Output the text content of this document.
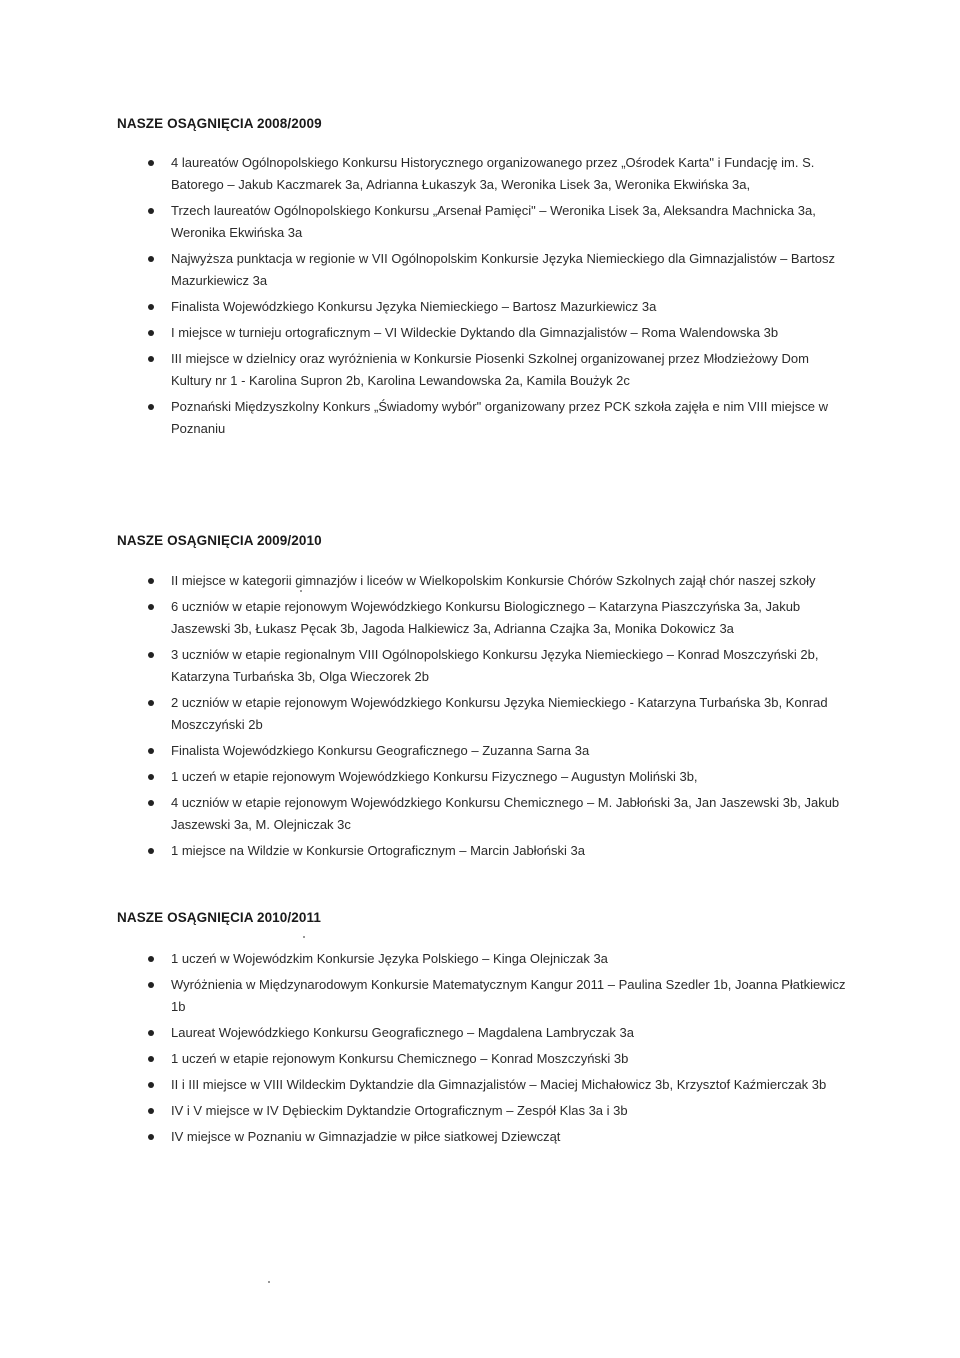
NASZE OSĄGNIĘCIA 2008/2009
4 laureatów Ogólnopolskiego Konkursu Historycznego organizowanego przez „Ośrodek Karta" i Fundację im. S. Batorego – Jakub Kaczmarek 3a, Adrianna Łukaszyk 3a, Weronika Lisek 3a, Weronika Ekwińska 3a,
Trzech laureatów Ogólnopolskiego Konkursu „Arsenał Pamięci" – Weronika Lisek 3a, Aleksandra Machnicka 3a, Weronika Ekwińska 3a
Najwyższa punktacja w regionie w VII Ogólnopolskim Konkursie Języka Niemieckiego dla Gimnazjalistów – Bartosz Mazurkiewicz 3a
Finalista Wojewódzkiego Konkursu Języka Niemieckiego – Bartosz Mazurkiewicz 3a
I miejsce w turnieju ortograficznym – VI Wildeckie Dyktando dla Gimnazjalistów – Roma Walendowska 3b
III miejsce w dzielnicy oraz wyróżnienia w Konkursie Piosenki Szkolnej organizowanej przez Młodzieżowy Dom Kultury nr 1 - Karolina Supron 2b, Karolina Lewandowska 2a, Kamila Boużyk 2c
Poznański Międzyszkolny Konkurs „Świadomy wybór" organizowany przez PCK szkoła zajęła e nim VIII miejsce w Poznaniu
NASZE OSĄGNIĘCIA 2009/2010
II miejsce w kategorii gimnazjów i liceów w Wielkopolskim Konkursie Chórów Szkolnych zajął chór naszej szkoły
6 uczniów w etapie rejonowym Wojewódzkiego Konkursu Biologicznego – Katarzyna Piaszczyńska 3a, Jakub Jaszewski 3b, Łukasz Pęcak 3b, Jagoda Halkiewicz 3a, Adrianna Czajka 3a, Monika Dokowicz 3a
3 uczniów w etapie regionalnym VIII Ogólnopolskiego Konkursu Języka Niemieckiego – Konrad Moszczyński 2b, Katarzyna Turbańska 3b, Olga Wieczorek 2b
2 uczniów w etapie rejonowym Wojewódzkiego Konkursu Języka Niemieckiego - Katarzyna Turbańska 3b, Konrad Moszczyński 2b
Finalista Wojewódzkiego Konkursu Geograficznego – Zuzanna Sarna 3a
1 uczeń w etapie rejonowym Wojewódzkiego Konkursu Fizycznego – Augustyn Moliński 3b,
4 uczniów w etapie rejonowym Wojewódzkiego Konkursu Chemicznego – M. Jabłoński 3a, Jan Jaszewski 3b, Jakub Jaszewski 3a, M. Olejniczak 3c
1 miejsce na Wildzie w Konkursie Ortograficznym – Marcin Jabłoński 3a
NASZE OSĄGNIĘCIA 2010/2011
1 uczeń w Wojewódzkim Konkursie Języka Polskiego – Kinga Olejniczak 3a
Wyróżnienia w Międzynarodowym Konkursie Matematycznym Kangur 2011 – Paulina Szedler 1b, Joanna Płatkiewicz 1b
Laureat Wojewódzkiego Konkursu Geograficznego – Magdalena Lambryczak 3a
1 uczeń w etapie rejonowym Konkursu Chemicznego – Konrad Moszczyński 3b
II i III miejsce w VIII Wildeckim Dyktandzie dla Gimnazjalistów – Maciej Michałowicz 3b, Krzysztof Kaźmierczak 3b
IV i V miejsce w IV Dębieckim Dyktandzie Ortograficznym – Zespół Klas 3a i 3b
IV miejsce w Poznaniu w Gimnazjadzie w piłce siatkowej Dziewcząt
